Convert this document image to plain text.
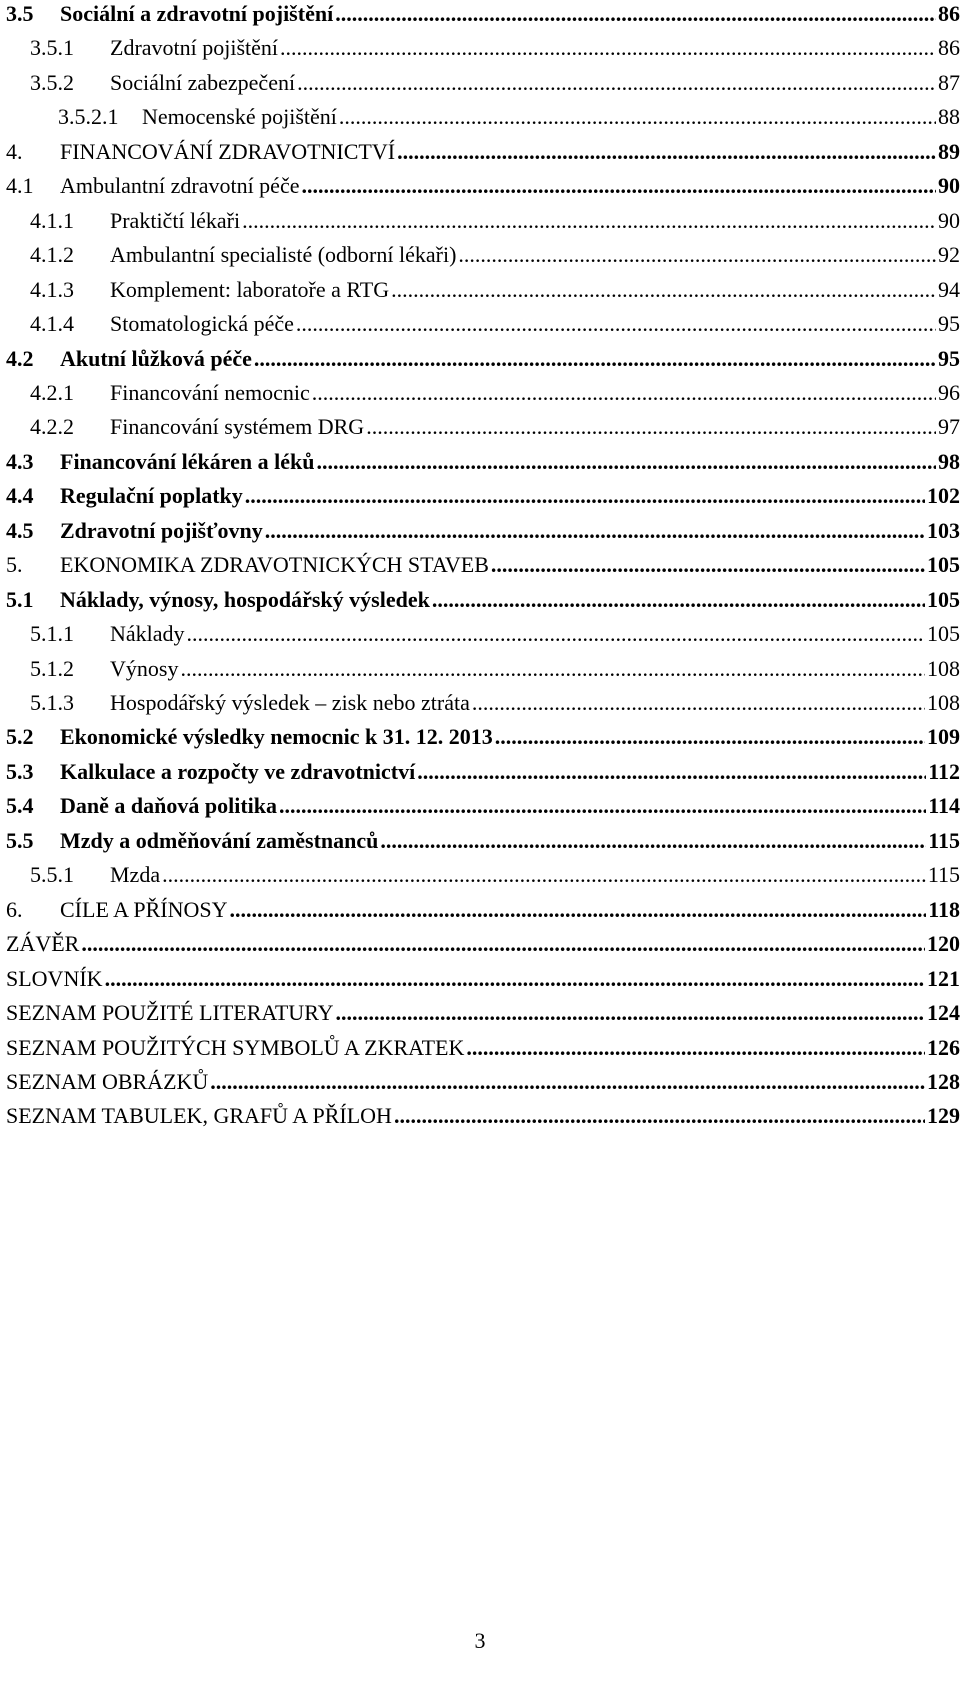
3.5	Sociální a zdravotní pojištění .....	86
3.5.1	Zdravotní pojištění .....	86
3.5.2	Sociální zabezpečení .....	87
3.5.2.1	Nemocenské pojištění .....	88
4.	FINANCOVÁNÍ ZDRAVOTNICTVÍ .....	89
4.1	Ambulantní zdravotní péče .....	90
4.1.1	Praktičtí lékaři .....	90
4.1.2	Ambulantní specialisté (odborní lékaři) .....	92
4.1.3	Komplement: laboratoře a RTG .....	94
4.1.4	Stomatologická péče .....	95
4.2	Akutní lůžková péče .....	95
4.2.1	Financování nemocnic .....	96
4.2.2	Financování systémem DRG .....	97
4.3	Financování lékáren a léků .....	98
4.4	Regulační poplatky .....	102
4.5	Zdravotní pojišťovny .....	103
5.	EKONOMIKA ZDRAVOTNICKÝCH STAVEB .....	105
5.1	Náklady, výnosy, hospodářský výsledek .....	105
5.1.1	Náklady .....	105
5.1.2	Výnosy .....	108
5.1.3	Hospodářský výsledek – zisk nebo ztráta .....	108
5.2	Ekonomické výsledky nemocnic k 31. 12. 2013 .....	109
5.3	Kalkulace a rozpočty ve zdravotnictví .....	112
5.4	Daně a daňová politika .....	114
5.5	Mzdy a odměňování zaměstnanců .....	115
5.5.1	Mzda .....	115
6.	CÍLE A PŘÍNOSY .....	118
ZÁVĚR .....	120
SLOVNÍK .....	121
SEZNAM POUŽITÉ LITERATURY .....	124
SEZNAM POUŽITÝCH SYMBOLŮ A ZKRATEK .....	126
SEZNAM OBRÁZKŮ .....	128
SEZNAM TABULEK, GRAFŮ A PŘÍLOH .....	129
3
